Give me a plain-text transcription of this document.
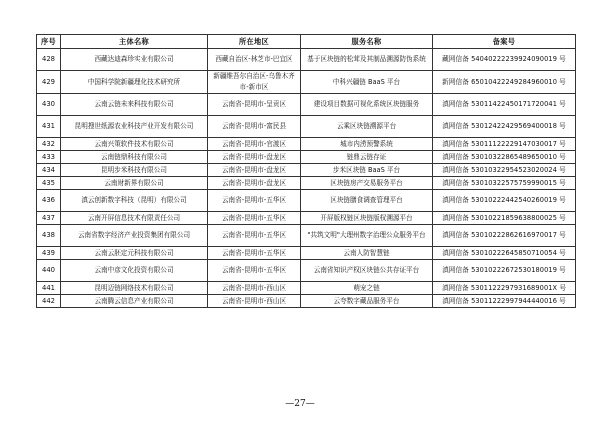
序号	主体名称	所在地区	服务名称	备案号
428	西藏达迪森珍实业有限公司	西藏自治区-林芝市-巴宜区	基于区块链的松茸及其制品溯源防伪系统	藏网信备 54040222239924090019 号
429	中国科学院新疆理化技术研究所	新疆维吾尔自治区-乌鲁木齐市-新市区	中科兴疆链 BaaS 平台	新网信备 65010422249284960010 号
430	云南云链未来科技有限公司	云南省-昆明市-呈贡区	建设项目数据可视化系统区块链服务	滇网信备 53011422450171720041 号
431	昆明搜世纸源农业科技产业开发有限公司	云南省-昆明市-富民县	云乘区块链溯源平台	滇网信备 53012422429569400018 号
432	云南兴策软件技术有限公司	云南省-昆明市-官渡区	城市内涝预警系统	滇网信备 53011122229147030017 号
433	云南链鼎科技有限公司	云南省-昆明市-盘龙区	链鼎云链存证	滇网信备 53010322865489650010 号
434	昆明步米科技有限公司	云南省-昆明市-盘龙区	步米区块链 BaaS 平台	滇网信备 53010322954523020024 号
435	云南财新界有限公司	云南省-昆明市-盘龙区	区块链房产交易服务平台	滇网信备 53010322575759990015 号
436	滇云创新数字科技（昆明）有限公司	云南省-昆明市-五华区	区块链膳食调查管理平台	滇网信备 53010222442540260019 号
437	云南开屏信息技术有限责任公司	云南省-昆明市-五华区	开屏版权链区块链版权溯源平台	滇网信备 53010221859638800025 号
438	云南省数字经济产业投资集团有限公司	云南省-昆明市-五华区	"共筑文明"大理州数字治理公众服务平台	滇网信备 53010222862616970017 号
439	云南云胚定元科技有限公司	云南省-昆明市-五华区	云南人防智慧链	滇网信备 53010222645850710054 号
440	云南中彦文化投资有限公司	云南省-昆明市-五华区	云南省知识产权区块链公共存证平台	滇网信备 53010222672530180019 号
441	昆明迈链网络技术有限公司	云南省-昆明市-西山区	萌宠之链	滇网信备 5301122297931689001X 号
442	云南腾云信息产业有限公司	云南省-昆明市-西山区	云夸数字藏品服务平台	滇网信备 53011222997944440016 号
—27—
